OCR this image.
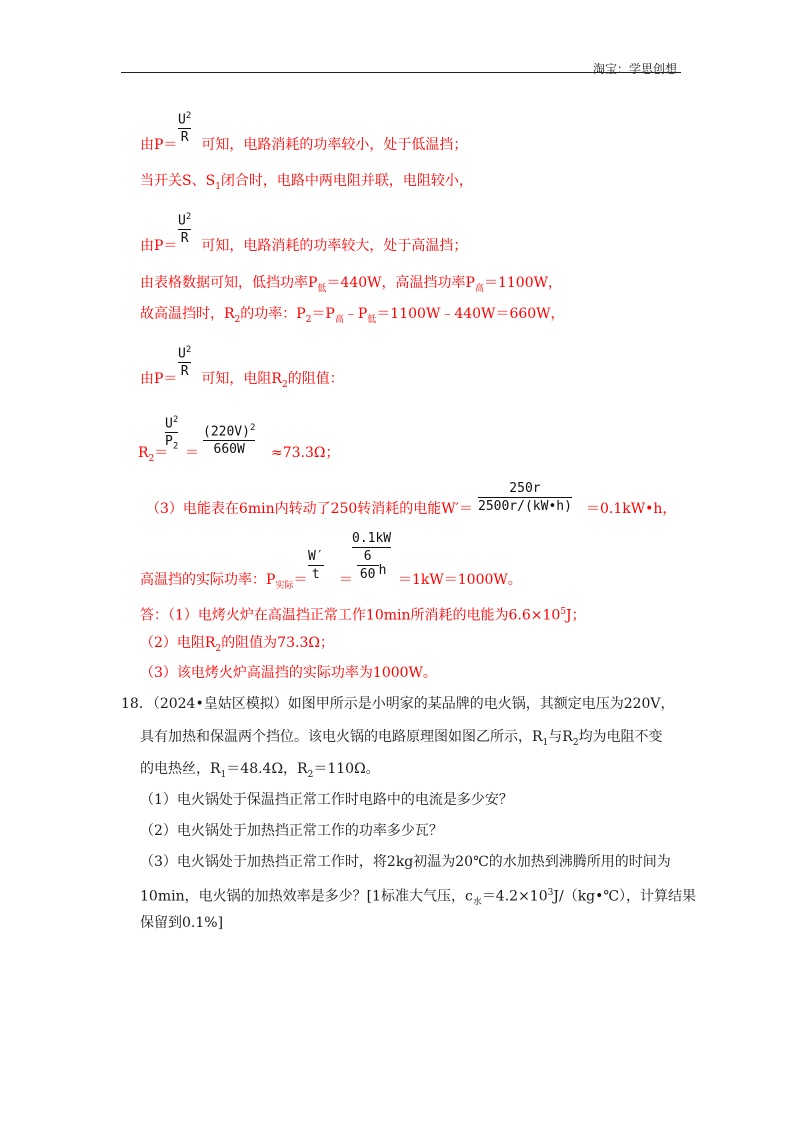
淘宝：学思创想
$U^2$
R
由P＝ 可知，电路消耗的功率较小，处于低温挡；
当开关S、$S_1$闭合时，电路中两电阻并联，电阻较小，
$U^2$
R
由P＝ 可知，电路消耗的功率较大，处于高温挡；
由表格数据可知，低挡功率$P_低=440W$，高温挡功率$P_高=1100W$，
故高温挡时，$R_2$的功率：$P_2=P_高﹣P_低=1100W﹣440W=660W$，
$U^2$
R
由P＝ 可知，电阻$R_2$的阻值：
$U^2$
$P_2$
$(220V)^2$
660W
$R_2=$ ＝	≈73.3Ω；
250r
2500r/(kW•h)
（3）电能表在6min内转动了250转消耗的电能W′＝	＝0.1kW•h，
W′
t
0.1kW
6
60 h
高温挡的实际功率：$P_{实际}=$ ＝	＝1kW＝1000W。
答：（1）电烤火炉在高温挡正常工作10min所消耗的电能为$6.6\times 10^5J$；
（2）电阻$R_2$的阻值为73.3Ω；
（3）该电烤火炉高温挡的实际功率为1000W。
18．（2024•皇姑区模拟）如图甲所示是小明家的某品牌的电火锅，其额定电压为220V，
具有加热和保温两个挡位。该电火锅的电路原理图如图乙所示，$R_1$与$R_2$均为电阻不变
的电热丝，$R_1=48.4\Omega$，$R_2=110\Omega$。
（1）电火锅处于保温挡正常工作时电路中的电流是多少安？
（2）电火锅处于加热挡正常工作的功率多少瓦？
（3）电火锅处于加热挡正常工作时，将2kg初温为20℃的水加热到沸腾所用的时间为
10min，电火锅的加热效率是多少？[1标准大气压，$c_水=4.2\times 10^3J/(kg•℃)$，计算结果
保留到0.1%]
